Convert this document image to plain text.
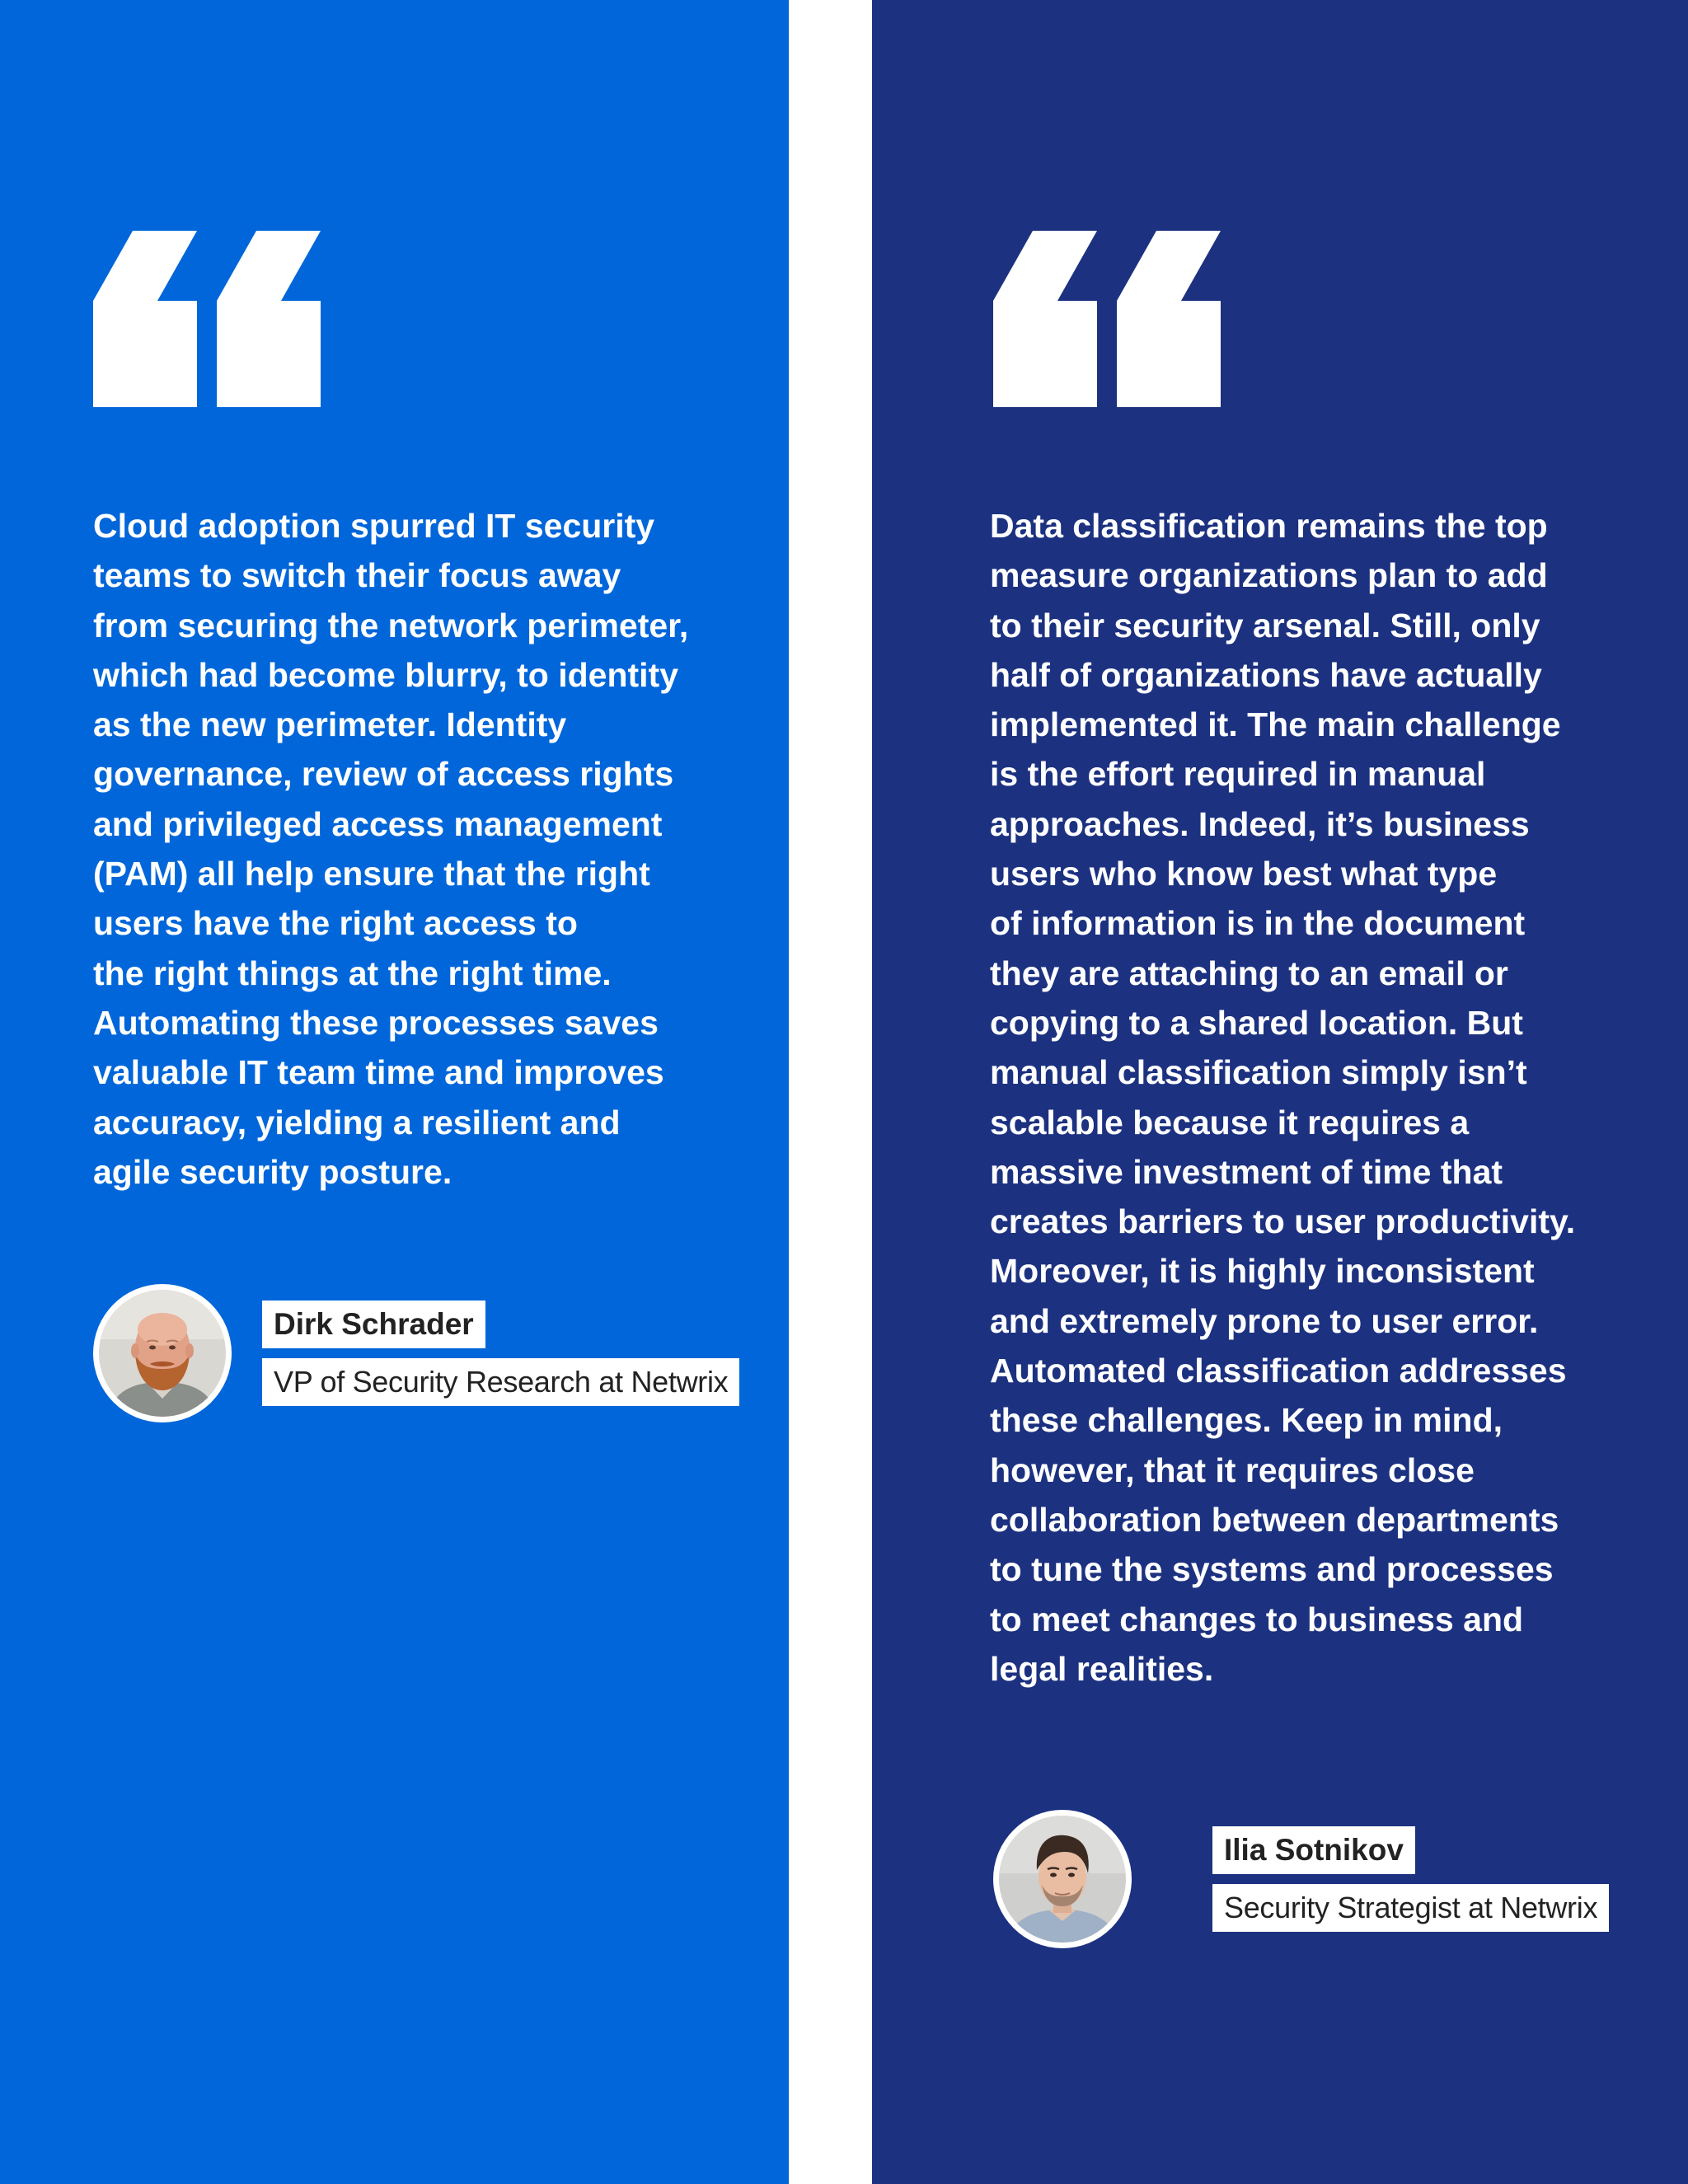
Cloud adoption spurred IT security
teams to switch their focus away
from securing the network perimeter,
which had become blurry, to identity
as the new perimeter. Identity
governance, review of access rights
and privileged access management
(PAM) all help ensure that the right
users have the right access to
the right things at the right time.
Automating these processes saves
valuable IT team time and improves
accuracy, yielding a resilient and
agile security posture.

Dirk Schrader
VP of Security Research at Netwrix

Data classification remains the top
measure organizations plan to add
to their security arsenal. Still, only
half of organizations have actually
implemented it. The main challenge
is the effort required in manual
approaches. Indeed, it’s business
users who know best what type
of information is in the document
they are attaching to an email or
copying to a shared location. But
manual classification simply isn’t
scalable because it requires a
massive investment of time that
creates barriers to user productivity.
Moreover, it is highly inconsistent
and extremely prone to user error.
Automated classification addresses
these challenges. Keep in mind,
however, that it requires close
collaboration between departments
to tune the systems and processes
to meet changes to business and
legal realities.

Ilia Sotnikov
Security Strategist at Netwrix
